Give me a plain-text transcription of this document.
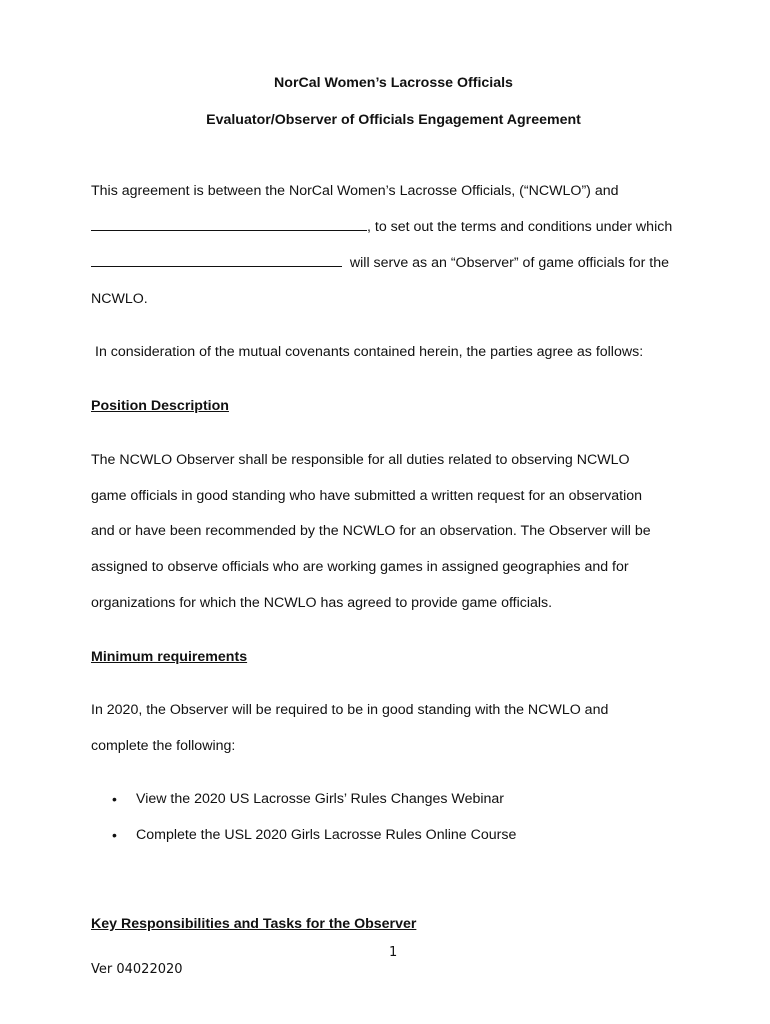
NorCal Women’s Lacrosse Officials
Evaluator/Observer of Officials Engagement Agreement
This agreement is between the NorCal Women’s Lacrosse Officials, (“NCWLO”) and
, to set out the terms and conditions under which
will serve as an “Observer” of game officials for the
NCWLO.
In consideration of the mutual covenants contained herein, the parties agree as follows:
Position Description
The NCWLO Observer shall be responsible for all duties related to observing NCWLO
game officials in good standing who have submitted a written request for an observation
and or have been recommended by the NCWLO for an observation. The Observer will be
assigned to observe officials who are working games in assigned geographies and for
organizations for which the NCWLO has agreed to provide game officials.
Minimum requirements
In 2020, the Observer will be required to be in good standing with the NCWLO and
complete the following:
• View the 2020 US Lacrosse Girls’ Rules Changes Webinar
• Complete the USL 2020 Girls Lacrosse Rules Online Course
Key Responsibilities and Tasks for the Observer
1
Ver 04022020
